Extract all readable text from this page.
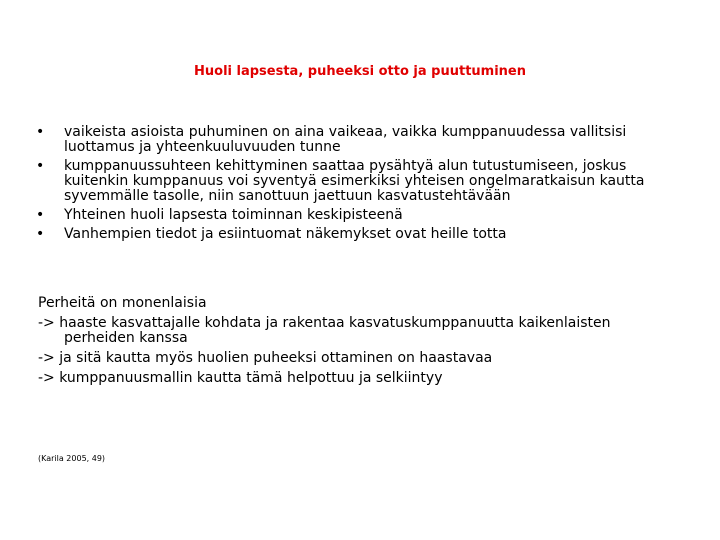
Huoli lapsesta, puheeksi otto ja puuttuminen
• vaikeista asioista puhuminen on aina vaikeaa, vaikka kumppanuudessa vallitsisi luottamus ja yhteenkuuluvuuden tunne
• kumppanuussuhteen kehittyminen saattaa pysähtyä alun tutustumiseen, joskus kuitenkin kumppanuus voi syventyä esimerkiksi yhteisen ongelmaratkaisun kautta syvemmälle tasolle, niin sanottuun jaettuun kasvatustehtävään
• Yhteinen huoli lapsesta toiminnan keskipisteenä
• Vanhempien tiedot ja esiintuomat näkemykset ovat heille totta
Perheitä on monenlaisia
-> haaste kasvattajalle kohdata ja rakentaa kasvatuskumppanuutta kaikenlaisten
perheiden kanssa
-> ja sitä kautta myös huolien puheeksi ottaminen on haastavaa
-> kumppanuusmallin kautta tämä helpottuu ja selkiintyy
(Karila 2005, 49)
